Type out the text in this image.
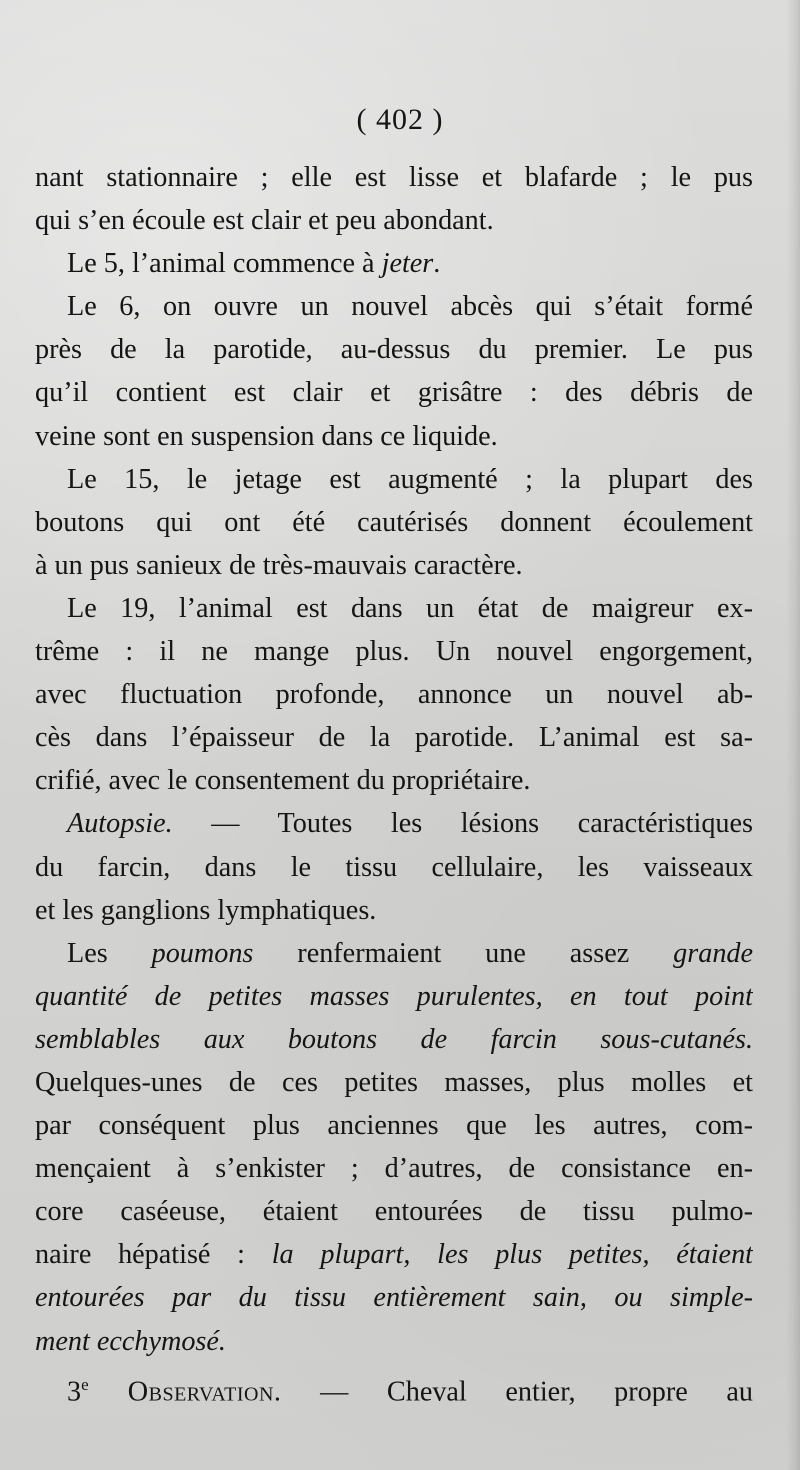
( 402 )
nant stationnaire ; elle est lisse et blafarde ; le pus
qui s’en écoule est clair et peu abondant.
Le 5, l’animal commence à jeter.
Le 6, on ouvre un nouvel abcès qui s’était formé
près de la parotide, au-dessus du premier. Le pus
qu’il contient est clair et grisâtre : des débris de
veine sont en suspension dans ce liquide.
Le 15, le jetage est augmenté ; la plupart des
boutons qui ont été cautérisés donnent écoulement
à un pus sanieux de très-mauvais caractère.
Le 19, l’animal est dans un état de maigreur ex-
trême : il ne mange plus. Un nouvel engorgement,
avec fluctuation profonde, annonce un nouvel ab-
cès dans l’épaisseur de la parotide. L’animal est sa-
crifié, avec le consentement du propriétaire.
Autopsie. — Toutes les lésions caractéristiques
du farcin, dans le tissu cellulaire, les vaisseaux
et les ganglions lymphatiques.
Les poumons renfermaient une assez grande
quantité de petites masses purulentes, en tout point
semblables aux boutons de farcin sous-cutanés.
Quelques-unes de ces petites masses, plus molles et
par conséquent plus anciennes que les autres, com-
mençaient à s’enkister ; d’autres, de consistance en-
core caséeuse, étaient entourées de tissu pulmo-
naire hépatisé : la plupart, les plus petites, étaient
entourées par du tissu entièrement sain, ou simple-
ment ecchymosé.
3e Observation. — Cheval entier, propre au
